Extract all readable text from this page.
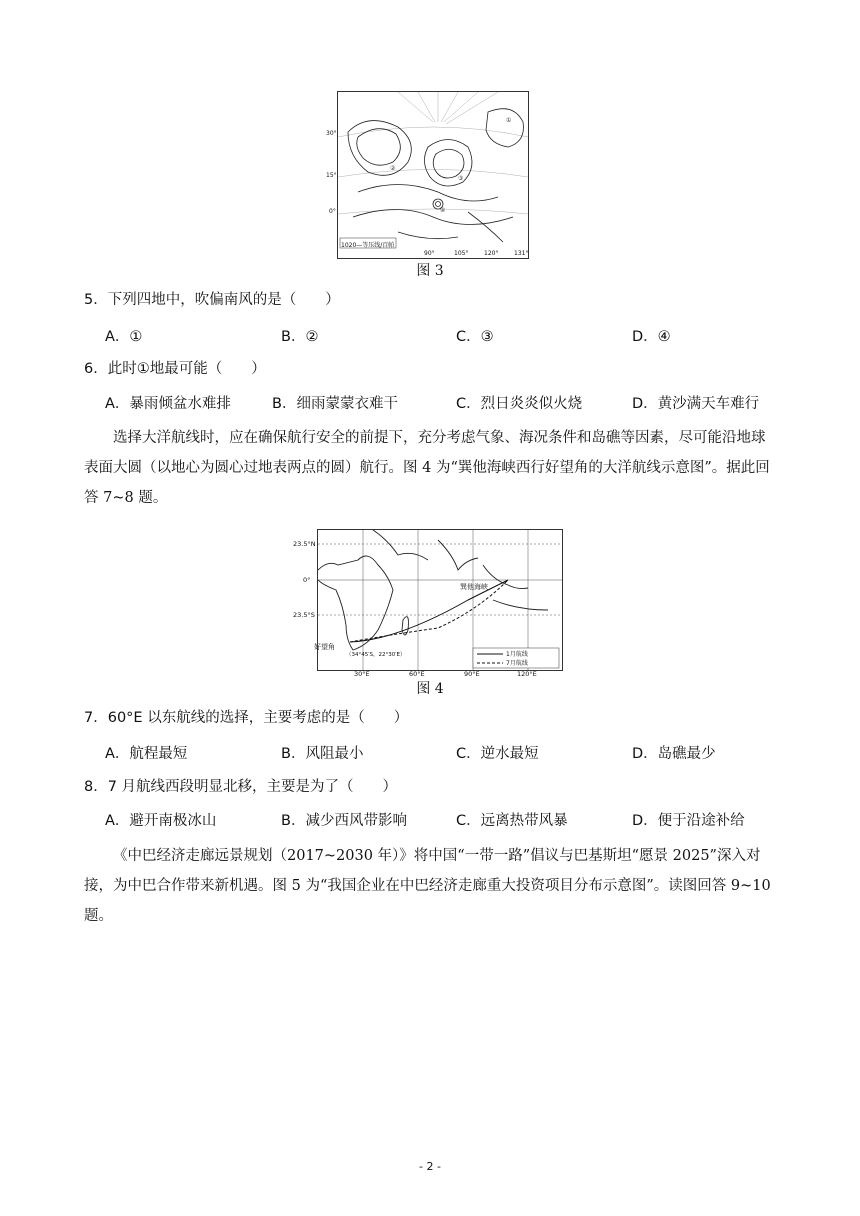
①
②
③
④
1020—等压线/百帕
90°	105°	120°	131°
30°
15°
0°
图 3
5．下列四地中，吹偏南风的是（　　）
A．①	B．②	C．③	D．④
6．此时①地最可能（　　）
A．暴雨倾盆水难排	B．细雨蒙蒙衣难干	C．烈日炎炎似火烧	D．黄沙满天车难行
选择大洋航线时，应在确保航行安全的前提下，充分考虑气象、海况条件和岛礁等因素，尽可能沿地球表面大圆（以地心为圆心过地表两点的圆）航行。图 4 为“巽他海峡西行好望角的大洋航线示意图”。据此回答 7~8 题。
1月航线
7月航线
巽他海峡
（34°45′S，22°30′E）
23.5°N
0°
23.5°S
好望角
30°E	60°E	90°E	120°E
图 4
7．60°E 以东航线的选择，主要考虑的是（　　）
A．航程最短	B．风阻最小	C．逆水最短	D．岛礁最少
8．7 月航线西段明显北移，主要是为了（　　）
A．避开南极冰山	B．减少西风带影响	C．远离热带风暴	D．便于沿途补给
《中巴经济走廊远景规划（2017~2030 年）》将中国“一带一路”倡议与巴基斯坦“愿景 2025”深入对接，为中巴合作带来新机遇。图 5 为“我国企业在中巴经济走廊重大投资项目分布示意图”。读图回答 9~10 题。
- 2 -
